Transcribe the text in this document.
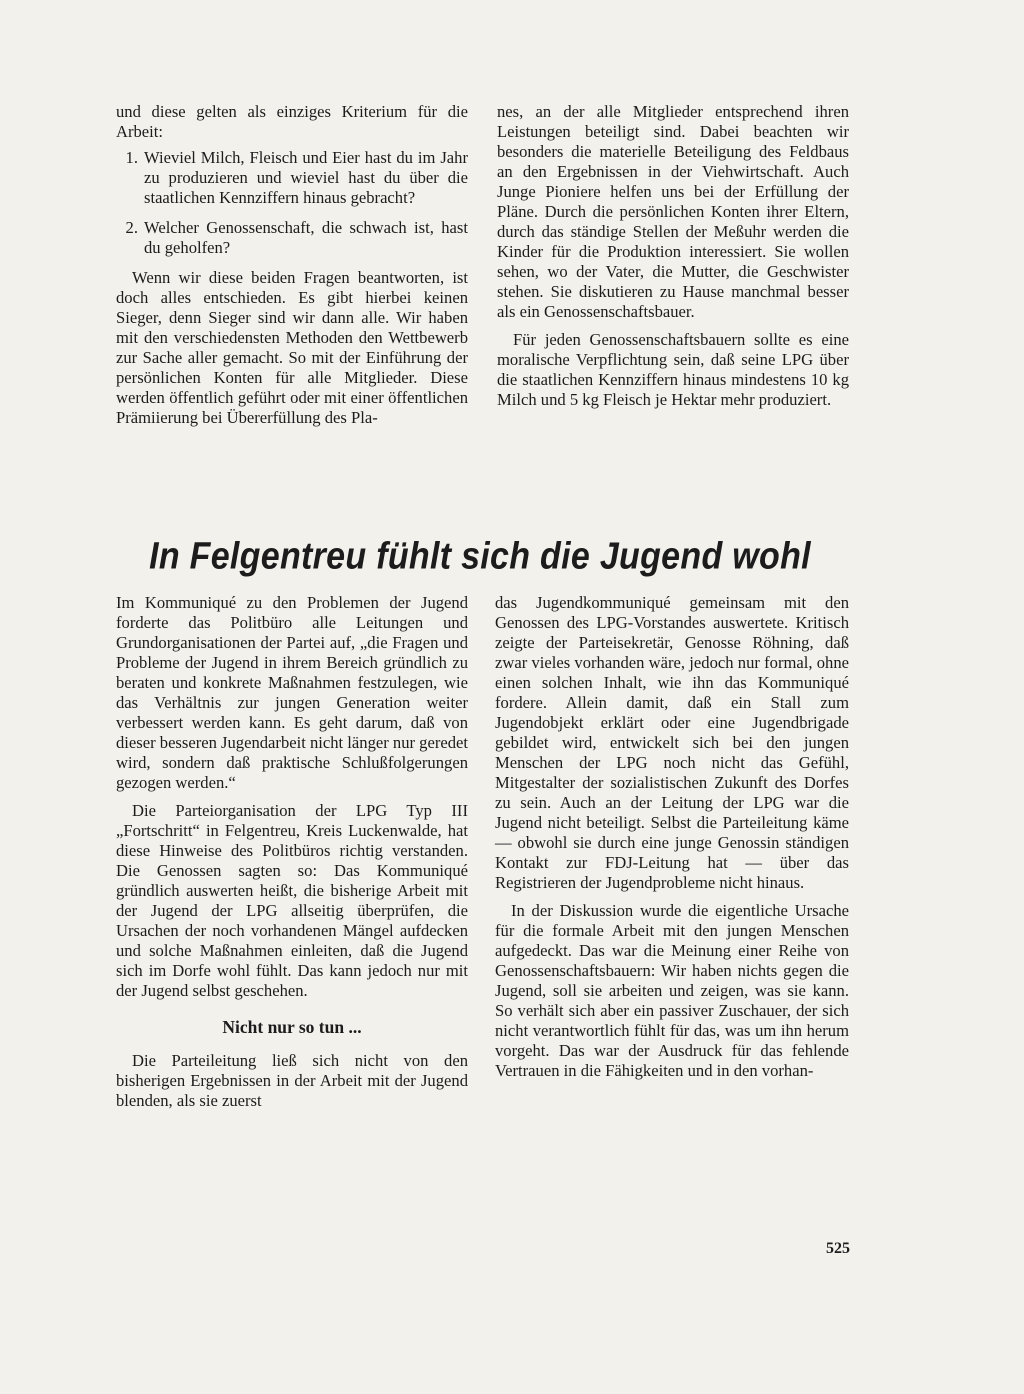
und diese gelten als einziges Kriterium für die Arbeit:

1. Wieviel Milch, Fleisch und Eier hast du im Jahr zu produzieren und wieviel hast du über die staatlichen Kennziffern hinaus gebracht?
2. Welcher Genossenschaft, die schwach ist, hast du geholfen?

Wenn wir diese beiden Fragen beantworten, ist doch alles entschieden. Es gibt hierbei keinen Sieger, denn Sieger sind wir dann alle. Wir haben mit den verschiedensten Methoden den Wettbewerb zur Sache aller gemacht. So mit der Einführung der persönlichen Konten für alle Mitglieder. Diese werden öffentlich geführt oder mit einer öffentlichen Prämiierung bei Übererfüllung des Pla-

nes, an der alle Mitglieder entsprechend ihren Leistungen beteiligt sind. Dabei beachten wir besonders die materielle Beteiligung des Feldbaus an den Ergebnissen in der Viehwirtschaft. Auch Junge Pioniere helfen uns bei der Erfüllung der Pläne. Durch die persönlichen Konten ihrer Eltern, durch das ständige Stellen der Meßuhr werden die Kinder für die Produktion interessiert. Sie wollen sehen, wo der Vater, die Mutter, die Geschwister stehen. Sie diskutieren zu Hause manchmal besser als ein Genossenschaftsbauer.

Für jeden Genossenschaftsbauern sollte es eine moralische Verpflichtung sein, daß seine LPG über die staatlichen Kennziffern hinaus mindestens 10 kg Milch und 5 kg Fleisch je Hektar mehr produziert.

In Felgentreu fühlt sich die Jugend wohl

Im Kommuniqué zu den Problemen der Jugend forderte das Politbüro alle Leitungen und Grundorganisationen der Partei auf, „die Fragen und Probleme der Jugend in ihrem Bereich gründlich zu beraten und konkrete Maßnahmen festzulegen, wie das Verhältnis zur jungen Generation weiter verbessert werden kann. Es geht darum, daß von dieser besseren Jugendarbeit nicht länger nur geredet wird, sondern daß praktische Schlußfolgerungen gezogen werden.“

Die Parteiorganisation der LPG Typ III „Fortschritt“ in Felgentreu, Kreis Luckenwalde, hat diese Hinweise des Politbüros richtig verstanden. Die Genossen sagten so: Das Kommuniqué gründlich auswerten heißt, die bisherige Arbeit mit der Jugend der LPG allseitig überprüfen, die Ursachen der noch vorhandenen Mängel aufdecken und solche Maßnahmen einleiten, daß die Jugend sich im Dorfe wohl fühlt. Das kann jedoch nur mit der Jugend selbst geschehen.

Nicht nur so tun ...

Die Parteileitung ließ sich nicht von den bisherigen Ergebnissen in der Arbeit mit der Jugend blenden, als sie zuerst

das Jugendkommuniqué gemeinsam mit den Genossen des LPG-Vorstandes auswertete. Kritisch zeigte der Parteisekretär, Genosse Röhning, daß zwar vieles vorhanden wäre, jedoch nur formal, ohne einen solchen Inhalt, wie ihn das Kommuniqué fordere. Allein damit, daß ein Stall zum Jugendobjekt erklärt oder eine Jugendbrigade gebildet wird, entwickelt sich bei den jungen Menschen der LPG noch nicht das Gefühl, Mitgestalter der sozialistischen Zukunft des Dorfes zu sein. Auch an der Leitung der LPG war die Jugend nicht beteiligt. Selbst die Parteileitung käme — obwohl sie durch eine junge Genossin ständigen Kontakt zur FDJ-Leitung hat — über das Registrieren der Jugendprobleme nicht hinaus.

In der Diskussion wurde die eigentliche Ursache für die formale Arbeit mit den jungen Menschen aufgedeckt. Das war die Meinung einer Reihe von Genossenschaftsbauern: Wir haben nichts gegen die Jugend, soll sie arbeiten und zeigen, was sie kann. So verhält sich aber ein passiver Zuschauer, der sich nicht verantwortlich fühlt für das, was um ihn herum vorgeht. Das war der Ausdruck für das fehlende Vertrauen in die Fähigkeiten und in den vorhan-

525
